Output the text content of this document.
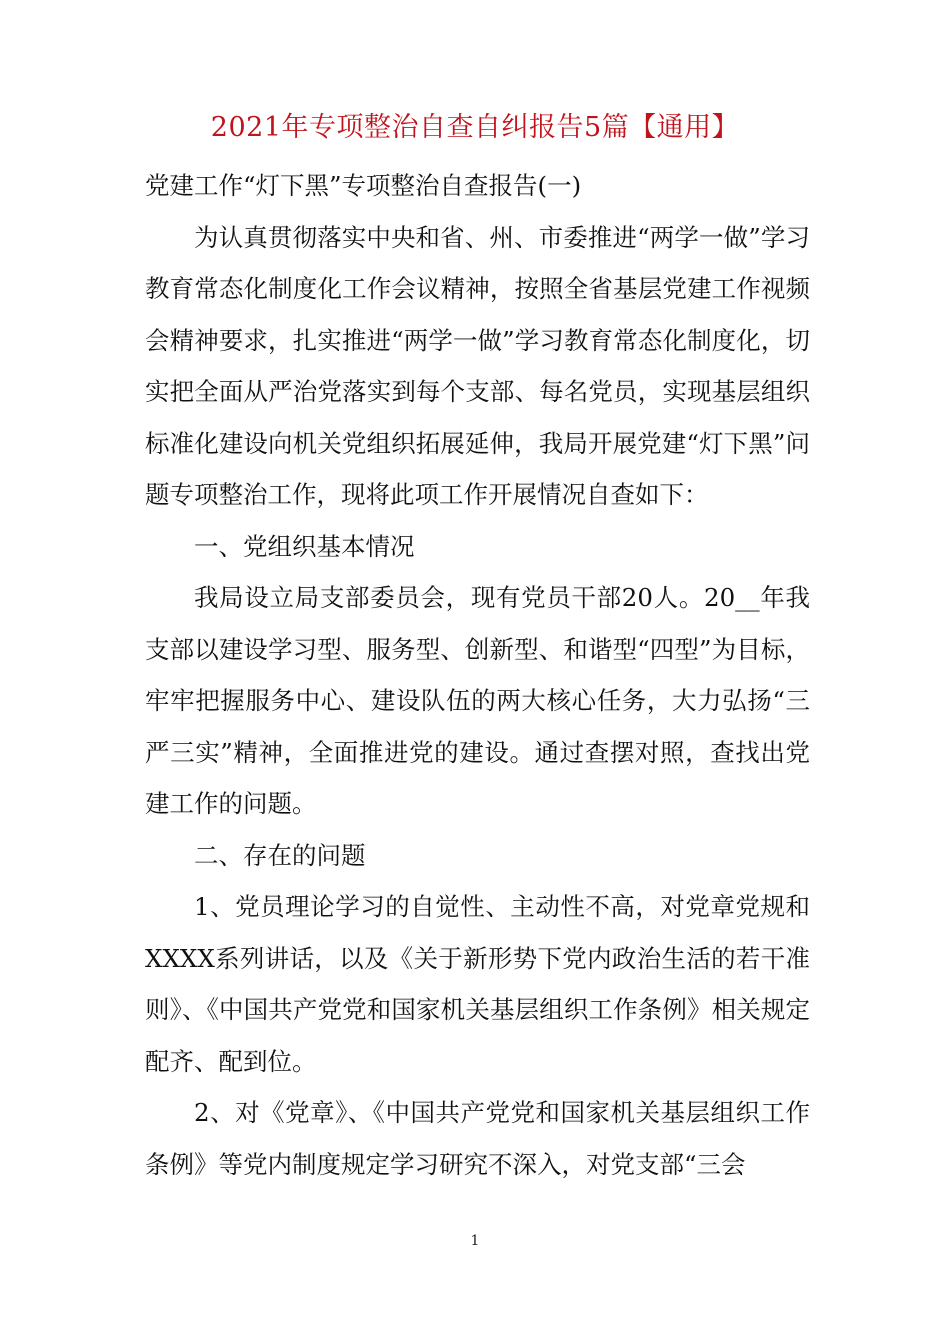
2021年专项整治自查自纠报告5篇【通用】

党建工作“灯下黑”专项整治自查报告(一)

为认真贯彻落实中央和省、州、市委推进“两学一做”学习教育常态化制度化工作会议精神，按照全省基层党建工作视频会精神要求，扎实推进“两学一做”学习教育常态化制度化，切实把全面从严治党落实到每个支部、每名党员，实现基层组织标准化建设向机关党组织拓展延伸，我局开展党建“灯下黑”问题专项整治工作，现将此项工作开展情况自查如下：

一、党组织基本情况

我局设立局支部委员会，现有党员干部20人。20__年我支部以建设学习型、服务型、创新型、和谐型“四型”为目标，牢牢把握服务中心、建设队伍的两大核心任务，大力弘扬“三严三实”精神，全面推进党的建设。通过查摆对照，查找出党建工作的问题。

二、存在的问题

1、党员理论学习的自觉性、主动性不高，对党章党规和XXXX系列讲话，以及《关于新形势下党内政治生活的若干准则》、《中国共产党党和国家机关基层组织工作条例》相关规定配齐、配到位。

2、对《党章》、《中国共产党党和国家机关基层组织工作条例》等党内制度规定学习研究不深入，对党支部“三会

1
